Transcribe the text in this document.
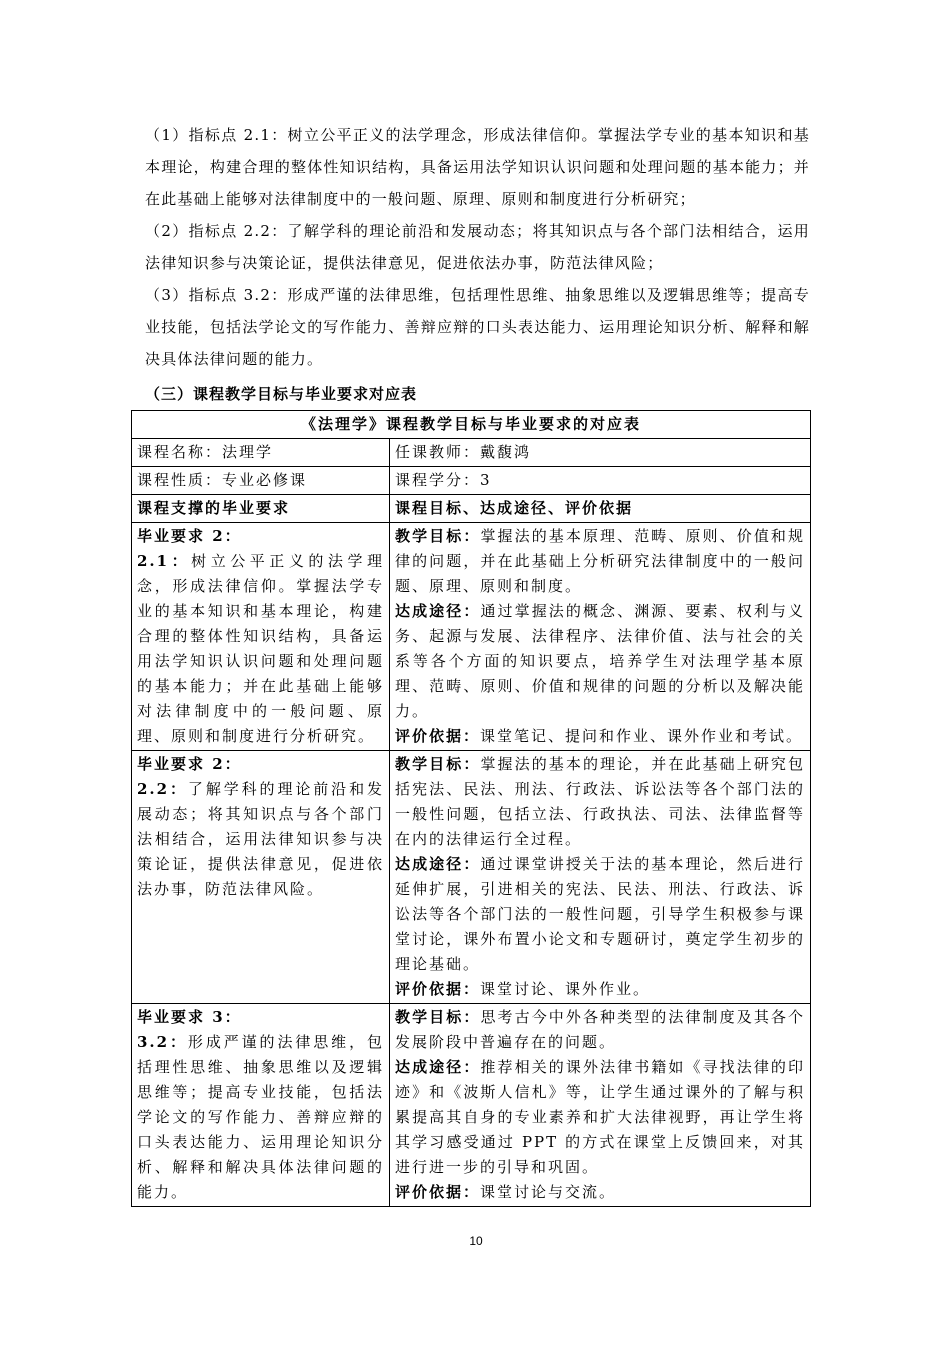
（1）指标点 2.1：树立公平正义的法学理念，形成法律信仰。掌握法学专业的基本知识和基本理论，构建合理的整体性知识结构，具备运用法学知识认识问题和处理问题的基本能力；并在此基础上能够对法律制度中的一般问题、原理、原则和制度进行分析研究；

（2）指标点 2.2：了解学科的理论前沿和发展动态；将其知识点与各个部门法相结合，运用法律知识参与决策论证，提供法律意见，促进依法办事，防范法律风险；

（3）指标点 3.2：形成严谨的法律思维，包括理性思维、抽象思维以及逻辑思维等；提高专业技能，包括法学论文的写作能力、善辩应辩的口头表达能力、运用理论知识分析、解释和解决具体法律问题的能力。

（三）课程教学目标与毕业要求对应表
《法理学》课程教学目标与毕业要求的对应表	
课程名称：法理学	任课教师：戴馥鸿
课程性质：专业必修课	课程学分：3
课程支撑的毕业要求	课程目标、达成途径、评价依据

毕业要求 2：
2.1：树立公平正义的法学理念，形成法律信仰。掌握法学专业的基本知识和基本理论，构建合理的整体性知识结构，具备运用法学知识认识问题和处理问题的基本能力；并在此基础上能够对法律制度中的一般问题、原理、原则和制度进行分析研究。	教学目标：掌握法的基本原理、范畴、原则、价值和规律的问题，并在此基础上分析研究法律制度中的一般问题、原理、原则和制度。
达成途径：通过掌握法的概念、渊源、要素、权利与义务、起源与发展、法律程序、法律价值、法与社会的关系等各个方面的知识要点，培养学生对法理学基本原理、范畴、原则、价值和规律的问题的分析以及解决能力。
评价依据：课堂笔记、提问和作业、课外作业和考试。

毕业要求 2：
2.2：了解学科的理论前沿和发展动态；将其知识点与各个部门法相结合，运用法律知识参与决策论证，提供法律意见，促进依法办事，防范法律风险。	教学目标：掌握法的基本的理论，并在此基础上研究包括宪法、民法、刑法、行政法、诉讼法等各个部门法的一般性问题，包括立法、行政执法、司法、法律监督等在内的法律运行全过程。
达成途径：通过课堂讲授关于法的基本理论，然后进行延伸扩展，引进相关的宪法、民法、刑法、行政法、诉讼法等各个部门法的一般性问题，引导学生积极参与课堂讨论，课外布置小论文和专题研讨，奠定学生初步的理论基础。
评价依据：课堂讨论、课外作业。

毕业要求 3：
3.2：形成严谨的法律思维，包括理性思维、抽象思维以及逻辑思维等；提高专业技能，包括法学论文的写作能力、善辩应辩的口头表达能力、运用理论知识分析、解释和解决具体法律问题的能力。	教学目标：思考古今中外各种类型的法律制度及其各个发展阶段中普遍存在的问题。
达成途径：推荐相关的课外法律书籍如《寻找法律的印迹》和《波斯人信札》等，让学生通过课外的了解与积累提高其自身的专业素养和扩大法律视野，再让学生将其学习感受通过 PPT 的方式在课堂上反馈回来，对其进行进一步的引导和巩固。
评价依据：课堂讨论与交流。
10
